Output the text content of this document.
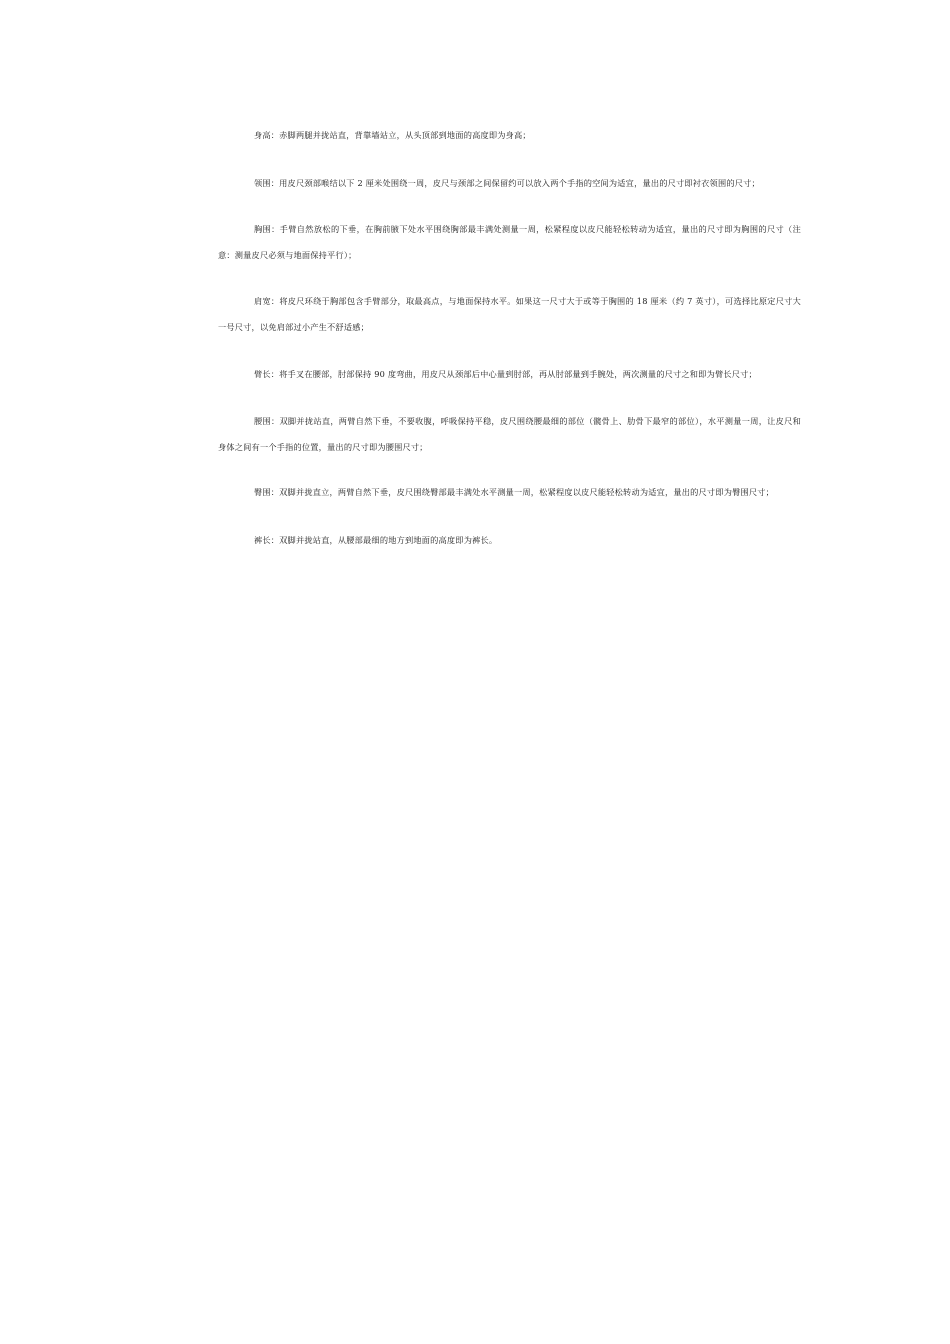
身高：赤脚两腿并拢站直，背靠墙站立，从头顶部到地面的高度即为身高；

领围：用皮尺颈部喉结以下 2 厘米处围绕一周，皮尺与颈部之间保留约可以放入两个手指的空间为适宜，量出的尺寸即衬衣领围的尺寸；

胸围：手臂自然放松的下垂，在胸前腋下处水平围绕胸部最丰满处测量一周，松紧程度以皮尺能轻松转动为适宜，量出的尺寸即为胸围的尺寸（注意：测量皮尺必须与地面保持平行）；

肩宽：将皮尺环绕于胸部包含手臂部分，取最高点，与地面保持水平。如果这一尺寸大于或等于胸围的 18 厘米（约 7 英寸），可选择比原定尺寸大一号尺寸，以免肩部过小产生不舒适感；

臂长：将手叉在腰部，肘部保持 90 度弯曲，用皮尺从颈部后中心量到肘部，再从肘部量到手腕处，两次测量的尺寸之和即为臂长尺寸；

腰围：双脚并拢站直，两臂自然下垂，不要收腹，呼吸保持平稳，皮尺围绕腰最细的部位（髋骨上、肋骨下最窄的部位），水平测量一周，让皮尺和身体之间有一个手指的位置，量出的尺寸即为腰围尺寸；

臀围：双脚并拢直立，两臂自然下垂，皮尺围绕臀部最丰满处水平测量一周，松紧程度以皮尺能轻松转动为适宜，量出的尺寸即为臀围尺寸；

裤长：双脚并拢站直，从腰部最细的地方到地面的高度即为裤长。
